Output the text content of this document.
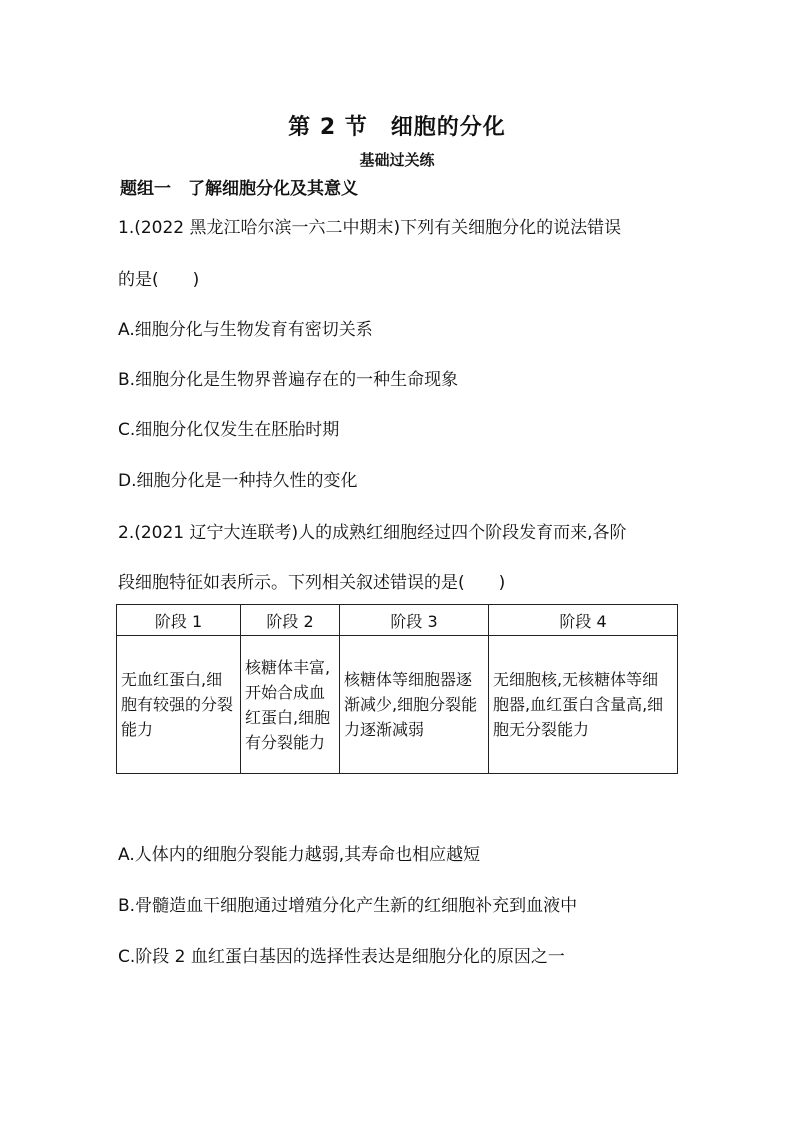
第 2 节　细胞的分化
基础过关练
题组一　了解细胞分化及其意义
1.(2022 黑龙江哈尔滨一六二中期末)下列有关细胞分化的说法错误
的是(　　)
A.细胞分化与生物发育有密切关系
B.细胞分化是生物界普遍存在的一种生命现象
C.细胞分化仅发生在胚胎时期
D.细胞分化是一种持久性的变化
2.(2021 辽宁大连联考)人的成熟红细胞经过四个阶段发育而来,各阶
段细胞特征如表所示。下列相关叙述错误的是(　　)
阶段 1	阶段 2	阶段 3	阶段 4

无血红蛋白,细胞有较强的分裂能力	核糖体丰富,开始合成血红蛋白,细胞有分裂能力	核糖体等细胞器逐渐减少,细胞分裂能力逐渐减弱	无细胞核,无核糖体等细胞器,血红蛋白含量高,细胞无分裂能力
A.人体内的细胞分裂能力越弱,其寿命也相应越短
B.骨髓造血干细胞通过增殖分化产生新的红细胞补充到血液中
C.阶段 2 血红蛋白基因的选择性表达是细胞分化的原因之一
